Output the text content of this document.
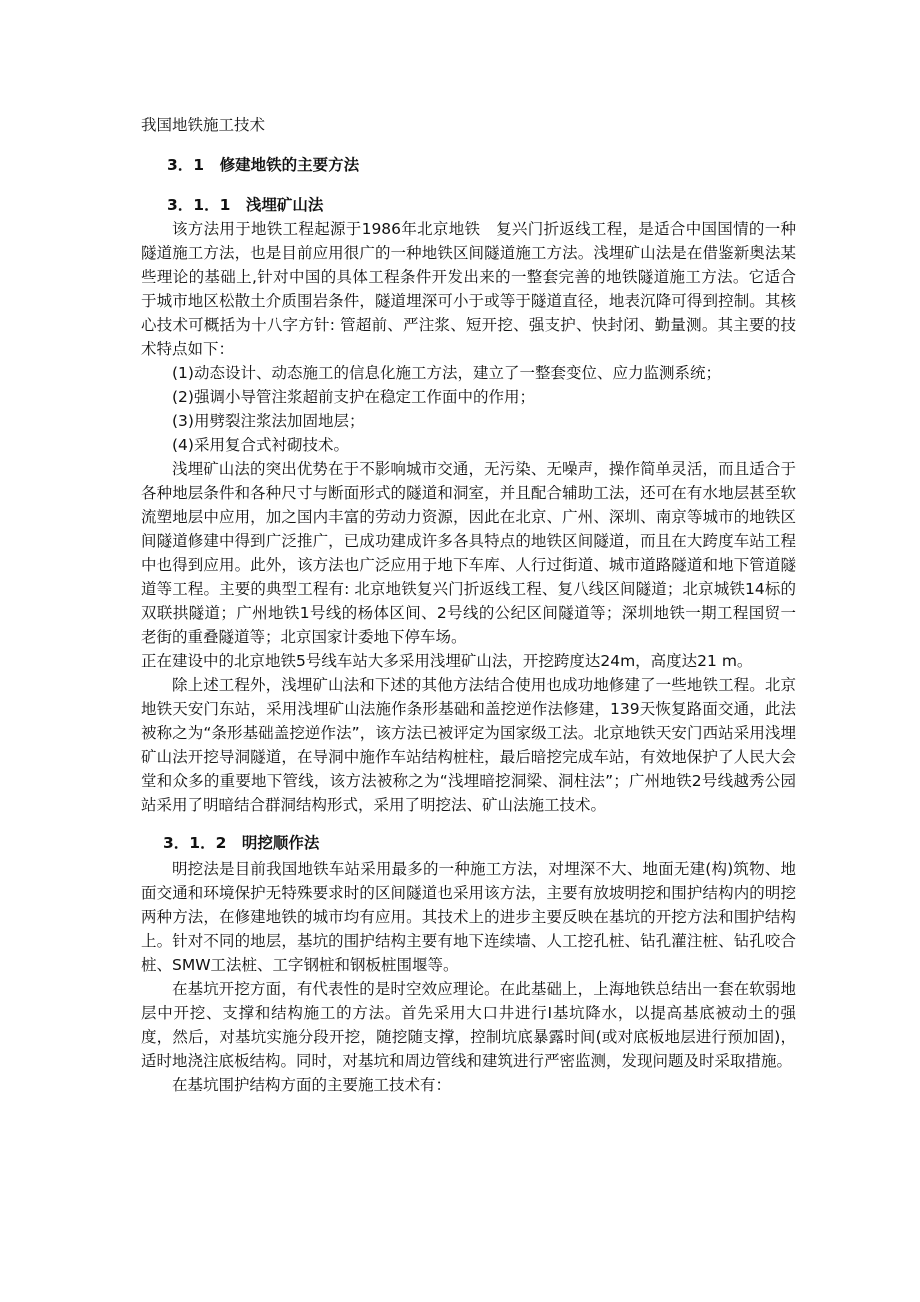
我国地铁施工技术
3．1　修建地铁的主要方法
3．1．1　浅埋矿山法

该方法用于地铁工程起源于1986年北京地铁　复兴门折返线工程，是适合中国国情的一种隧道施工方法，也是目前应用很广的一种地铁区间隧道施工方法。浅埋矿山法是在借鉴新奥法某些理论的基础上,针对中国的具体工程条件开发出来的一整套完善的地铁隧道施工方法。它适合于城市地区松散土介质围岩条件，隧道埋深可小于或等于隧道直径，地表沉降可得到控制。其核心技术可概括为十八字方针: 管超前、严注浆、短开挖、强支护、快封闭、勤量测。其主要的技术特点如下：

(1)动态设计、动态施工的信息化施工方法，建立了一整套变位、应力监测系统；

(2)强调小导管注浆超前支护在稳定工作面中的作用；

(3)用劈裂注浆法加固地层；

(4)采用复合式衬砌技术。

浅埋矿山法的突出优势在于不影响城市交通，无污染、无噪声，操作简单灵活，而且适合于各种地层条件和各种尺寸与断面形式的隧道和洞室，并且配合辅助工法，还可在有水地层甚至软流塑地层中应用，加之国内丰富的劳动力资源，因此在北京、广州、深圳、南京等城市的地铁区间隧道修建中得到广泛推广，已成功建成许多各具特点的地铁区间隧道，而且在大跨度车站工程中也得到应用。此外，该方法也广泛应用于地下车库、人行过街道、城市道路隧道和地下管道隧道等工程。主要的典型工程有: 北京地铁复兴门折返线工程、复八线区间隧道；北京城铁14标的双联拱隧道；广州地铁1号线的杨体区间、2号线的公纪区间隧道等；深圳地铁一期工程国贸一老街的重叠隧道等；北京国家计委地下停车场。

正在建设中的北京地铁5号线车站大多采用浅埋矿山法，开挖跨度达24m，高度达21 m。

除上述工程外，浅埋矿山法和下述的其他方法结合使用也成功地修建了一些地铁工程。北京地铁天安门东站，采用浅埋矿山法施作条形基础和盖挖逆作法修建，139天恢复路面交通，此法被称之为“条形基础盖挖逆作法”，该方法已被评定为国家级工法。北京地铁天安门西站采用浅埋矿山法开挖导洞隧道，在导洞中施作车站结构桩柱，最后暗挖完成车站，有效地保护了人民大会堂和众多的重要地下管线，该方法被称之为“浅埋暗挖洞梁、洞柱法”；广州地铁2号线越秀公园站采用了明暗结合群洞结构形式，采用了明挖法、矿山法施工技术。

3．1．2　明挖顺作法

明挖法是目前我国地铁车站采用最多的一种施工方法，对埋深不大、地面无建(构)筑物、地面交通和环境保护无特殊要求时的区间隧道也采用该方法，主要有放坡明挖和围护结构内的明挖两种方法，在修建地铁的城市均有应用。其技术上的进步主要反映在基坑的开挖方法和围护结构上。针对不同的地层，基坑的围护结构主要有地下连续墙、人工挖孔桩、钻孔灌注桩、钻孔咬合桩、SMW工法桩、工字钢桩和钢板桩围堰等。

在基坑开挖方面，有代表性的是时空效应理论。在此基础上，上海地铁总结出一套在软弱地层中开挖、支撑和结构施工的方法。首先采用大口井进行Ⅰ基坑降水，以提高基底被动土的强度，然后，对基坑实施分段开挖，随挖随支撑，控制坑底暴露时间(或对底板地层进行预加固)，适时地浇注底板结构。同时，对基坑和周边管线和建筑进行严密监测，发现问题及时采取措施。

在基坑围护结构方面的主要施工技术有：
